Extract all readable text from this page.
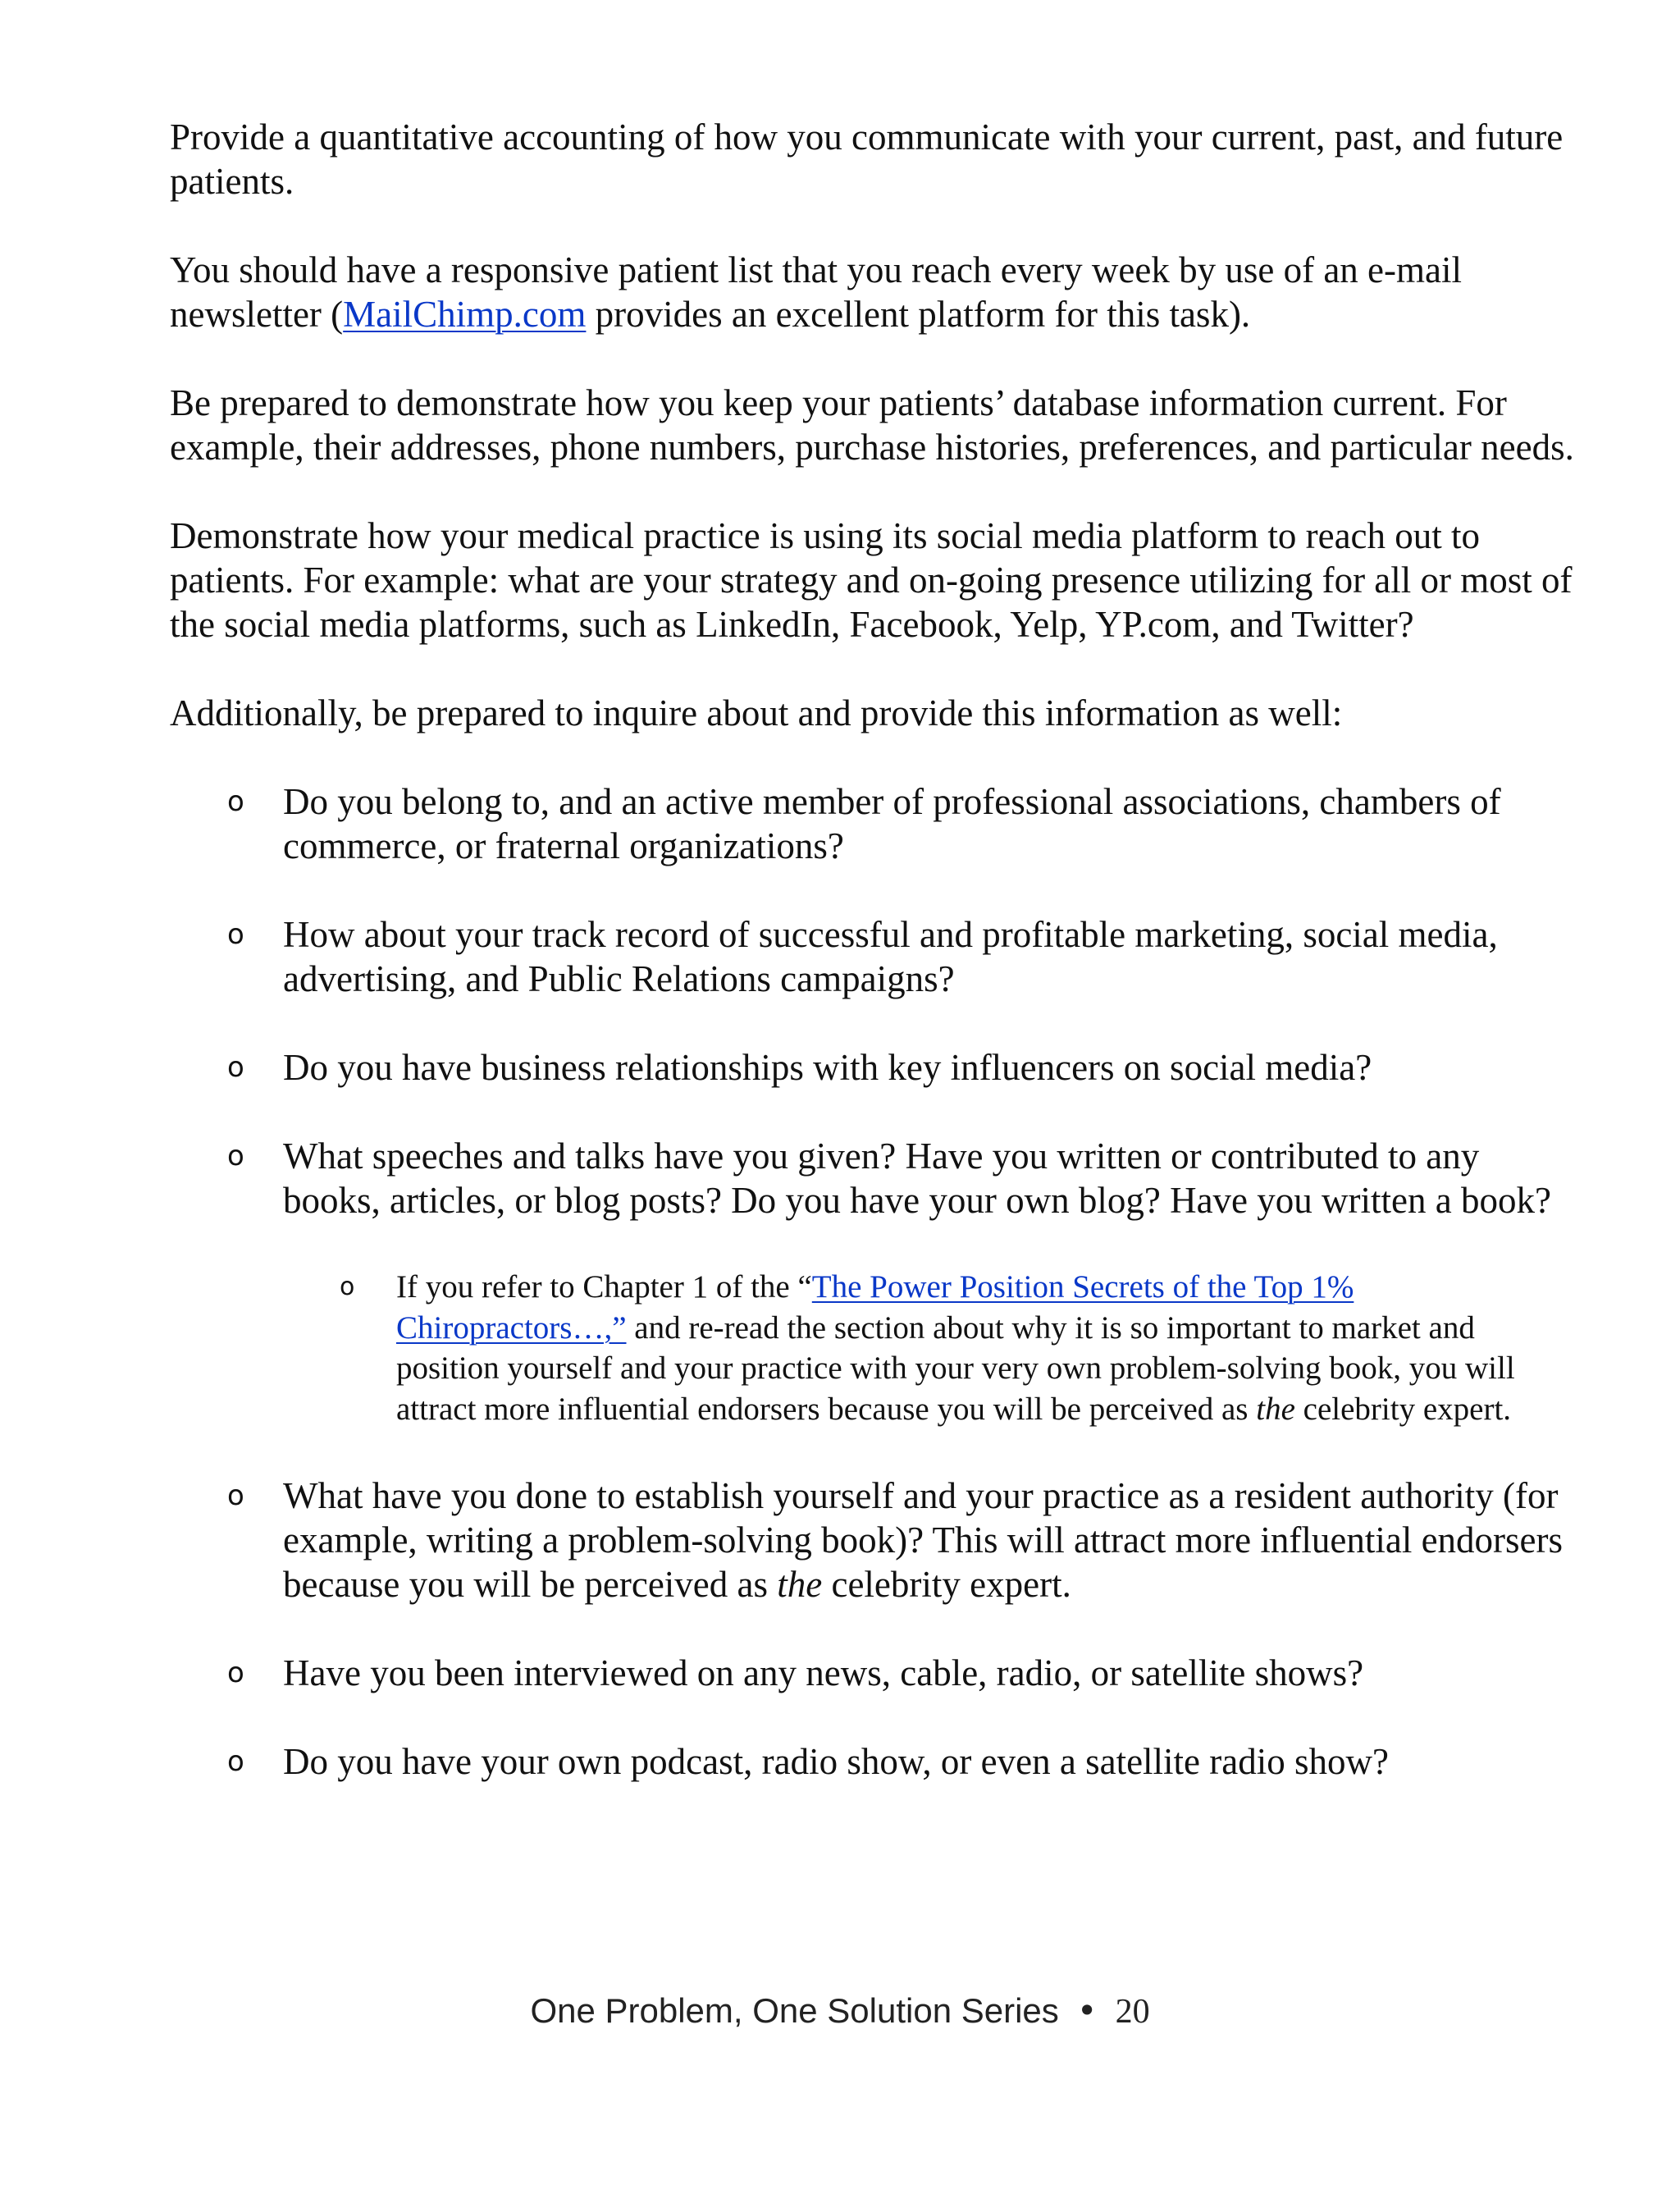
Provide a quantitative accounting of how you communicate with your current, past, and future patients.

You should have a responsive patient list that you reach every week by use of an e-mail newsletter (MailChimp.com provides an excellent platform for this task).

Be prepared to demonstrate how you keep your patients’ database information current. For example, their addresses, phone numbers, purchase histories, preferences, and particular needs.

Demonstrate how your medical practice is using its social media platform to reach out to patients. For example: what are your strategy and on-going presence utilizing for all or most of the social media platforms, such as LinkedIn, Facebook, Yelp, YP.com, and Twitter?

Additionally, be prepared to inquire about and provide this information as well:

o Do you belong to, and an active member of professional associations, chambers of commerce, or fraternal organizations?
o How about your track record of successful and profitable marketing, social media, advertising, and Public Relations campaigns?
o Do you have business relationships with key influencers on social media?
o What speeches and talks have you given? Have you written or contributed to any books, articles, or blog posts? Do you have your own blog? Have you written a book?
o If you refer to Chapter 1 of the “The Power Position Secrets of the Top 1% Chiropractors…,” and re-read the section about why it is so important to market and position yourself and your practice with your very own problem-solving book, you will attract more influential endorsers because you will be perceived as the celebrity expert.
o What have you done to establish yourself and your practice as a resident authority (for example, writing a problem-solving book)? This will attract more influential endorsers because you will be perceived as the celebrity expert.
o Have you been interviewed on any news, cable, radio, or satellite shows?
o Do you have your own podcast, radio show, or even a satellite radio show?
One Problem, One Solution Series • 20
